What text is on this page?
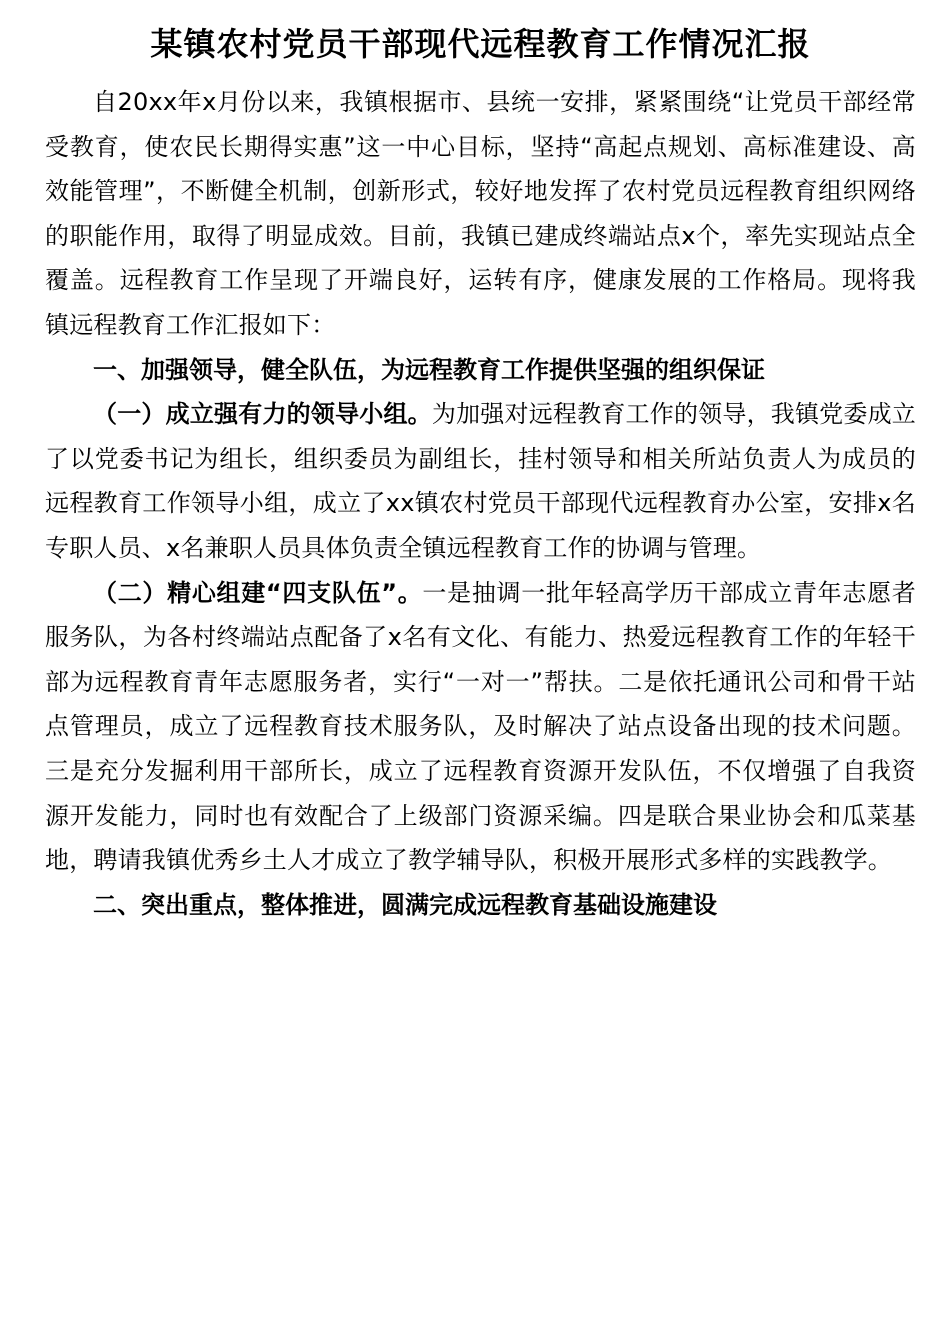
某镇农村党员干部现代远程教育工作情况汇报

自20xx年x月份以来，我镇根据市、县统一安排，紧紧围绕“让党员干部经常受教育，使农民长期得实惠”这一中心目标，坚持“高起点规划、高标准建设、高效能管理”，不断健全机制，创新形式，较好地发挥了农村党员远程教育组织网络的职能作用，取得了明显成效。目前，我镇已建成终端站点x个，率先实现站点全覆盖。远程教育工作呈现了开端良好，运转有序，健康发展的工作格局。现将我镇远程教育工作汇报如下：

一、加强领导，健全队伍，为远程教育工作提供坚强的组织保证

（一）成立强有力的领导小组。为加强对远程教育工作的领导，我镇党委成立了以党委书记为组长，组织委员为副组长，挂村领导和相关所站负责人为成员的远程教育工作领导小组，成立了xx镇农村党员干部现代远程教育办公室，安排x名专职人员、x名兼职人员具体负责全镇远程教育工作的协调与管理。

（二）精心组建“四支队伍”。一是抽调一批年轻高学历干部成立青年志愿者服务队，为各村终端站点配备了x名有文化、有能力、热爱远程教育工作的年轻干部为远程教育青年志愿服务者，实行“一对一”帮扶。二是依托通讯公司和骨干站点管理员，成立了远程教育技术服务队，及时解决了站点设备出现的技术问题。三是充分发掘利用干部所长，成立了远程教育资源开发队伍，不仅增强了自我资源开发能力，同时也有效配合了上级部门资源采编。四是联合果业协会和瓜菜基地，聘请我镇优秀乡土人才成立了教学辅导队，积极开展形式多样的实践教学。

二、突出重点，整体推进，圆满完成远程教育基础设施建设
